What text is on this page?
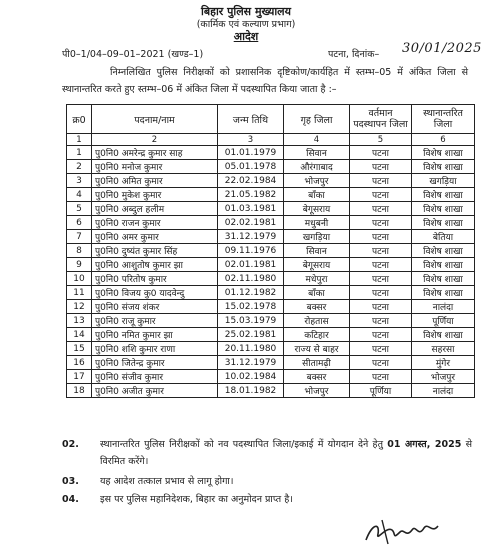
बिहार पुलिस मुख्यालय
(कार्मिक एवं कल्याण प्रभाग)
आदेश
पी0–1/04–09–01–2021 (खण्ड–1)	पटना, दिनांक– 30/01/2025
निम्नलिखित पुलिस निरीक्षकों को प्रशासनिक दृष्टिकोण/कार्यहित में स्तम्भ–05 में अंकित जिला से स्थानान्तरित करते हुए स्तम्भ–06 में अंकित जिला में पदस्थापित किया जाता है :–
क्र0	पदनाम/नाम	जन्म तिथि	गृह जिला	वर्तमान पदस्थापन जिला	स्थानान्तरित जिला
1	2	3	4	5	6
1	पु0नि0 अमरेन्द्र कुमार साह	01.01.1979	सिवान	पटना	विशेष शाखा
2	पु0नि0 मनोज कुमार	05.01.1978	औरंगाबाद	पटना	विशेष शाखा
3	पु0नि0 अमित कुमार	22.02.1984	भोजपुर	पटना	खगड़िया
4	पु0नि0 मुकेश कुमार	21.05.1982	बाँका	पटना	विशेष शाखा
5	पु0नि0 अब्दुल हलीम	01.03.1981	बेगूसराय	पटना	विशेष शाखा
6	पु0नि0 राजन कुमार	02.02.1981	मधुबनी	पटना	विशेष शाखा
7	पु0नि0 अमर कुमार	31.12.1979	खगड़िया	पटना	बेतिया
8	पु0नि0 दुष्यंत कुमार सिंह	09.11.1976	सिवान	पटना	विशेष शाखा
9	पु0नि0 आशुतोष कुमार झा	02.01.1981	बेगूसराय	पटना	विशेष शाखा
10	पु0नि0 परितोष कुमार	02.11.1980	मधेपुरा	पटना	विशेष शाखा
11	पु0नि0 विजय कु0 यादवेन्दु	01.12.1982	बाँका	पटना	विशेष शाखा
12	पु0नि0 संजय शंकर	15.02.1978	बक्सर	पटना	नालंदा
13	पु0नि0 राजू कुमार	15.03.1979	रोहतास	पटना	पूर्णिया
14	पु0नि0 नमित कुमार झा	25.02.1981	कटिहार	पटना	विशेष शाखा
15	पु0नि0 शशि कुमार राणा	20.11.1980	राज्य से बाहर	पटना	सहरसा
16	पु0नि0 जितेन्द्र कुमार	31.12.1979	सीतामढ़ी	पटना	मुंगेर
17	पु0नि0 संजीव कुमार	10.02.1984	बक्सर	पटना	भोजपुर
18	पु0नि0 अजीत कुमार	18.01.1982	भोजपुर	पूर्णिया	नालंदा
02. स्थानान्तरित पुलिस निरीक्षकों को नव पदस्थापित जिला/इकाई में योगदान देने हेतु 01 अगस्त, 2025 से विरमित करेंगे।
03. यह आदेश तत्काल प्रभाव से लागू होगा।
04. इस पर पुलिस महानिदेशक, बिहार का अनुमोदन प्राप्त है।
